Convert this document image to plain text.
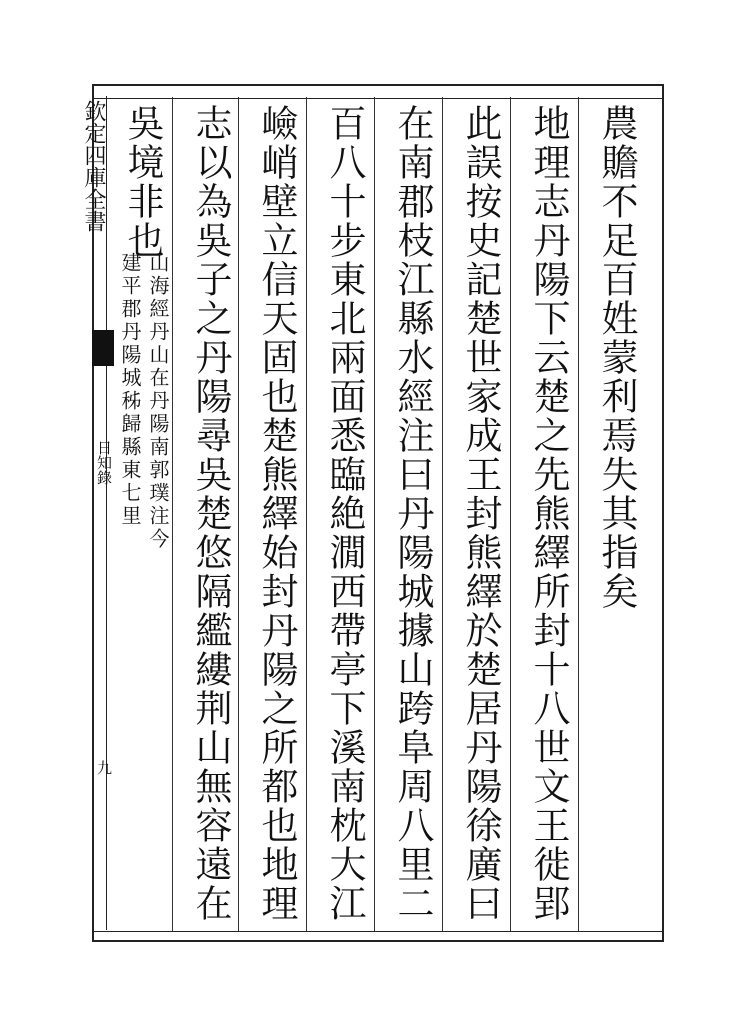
欽定四庫全書
日知錄
九
農贍不足百姓蒙利焉失其指矣
地理志丹陽下云楚之先熊繹所封十八世文王徙郢
此誤按史記楚世家成王封熊繹於楚居丹陽徐廣曰
在南郡枝江縣水經注曰丹陽城據山跨阜周八里二
百八十步東北兩面悉臨絶㵎西帶亭下溪南枕大江
嶮峭壁立信天固也楚熊繹始封丹陽之所都也地理
志以為吳子之丹陽尋吳楚悠隔繿縷荆山無容遠在
吳境非也
山海經丹山在丹陽南郭璞注今
建平郡丹陽城秭歸縣東七里
